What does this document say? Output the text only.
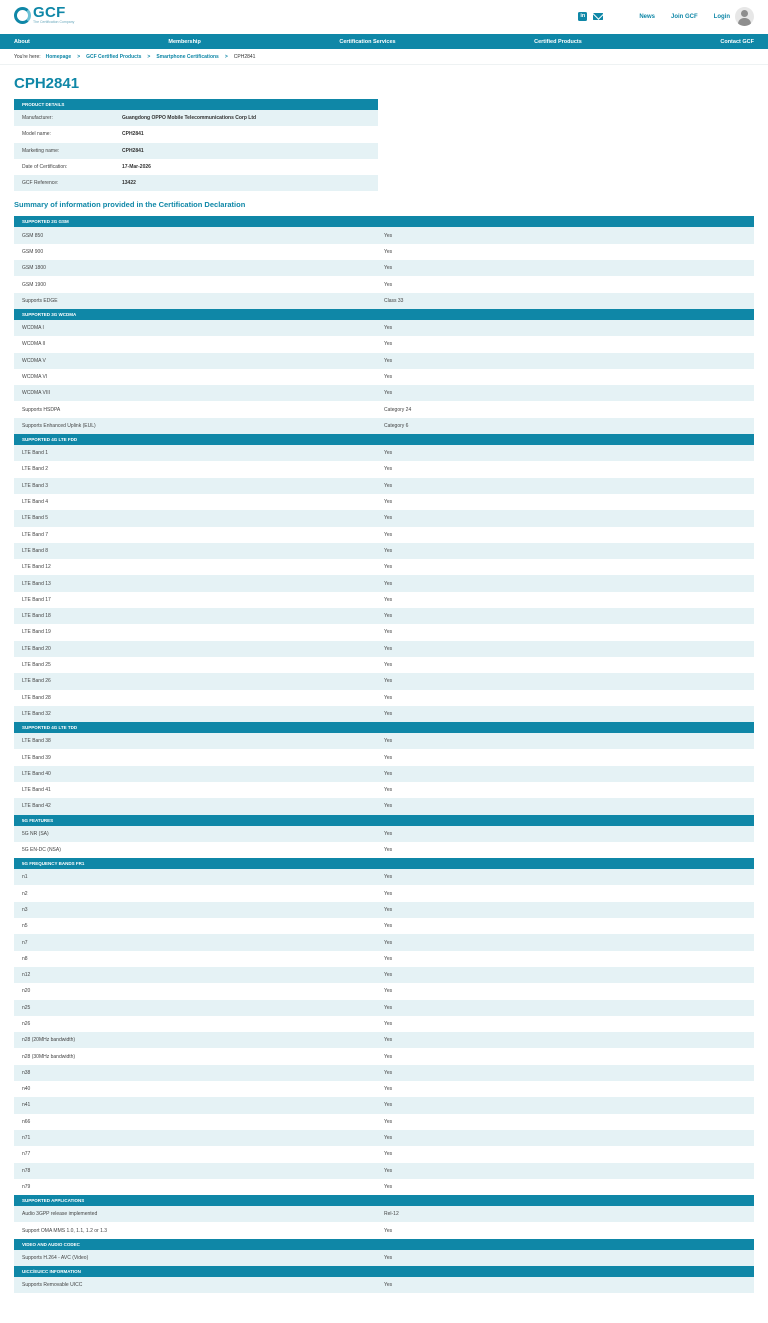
GCF
The Certification Company
in	News	Join GCF	Login
About	Membership	Certification Services	Certified Products	Contact GCF
You're here: Homepage > GCF Certified Products > Smartphone Certifications > CPH2841
CPH2841
PRODUCT DETAILS
Manufacturer:	Guangdong OPPO Mobile Telecommunications Corp Ltd
Model name:	CPH2841
Marketing name:	CPH2841
Date of Certification:	17-Mar-2026
GCF Reference:	13422
Summary of information provided in the Certification Declaration
SUPPORTED 2G GSM
GSM 850	Yes
GSM 900	Yes
GSM 1800	Yes
GSM 1900	Yes
Supports EDGE	Class 33
SUPPORTED 3G WCDMA
WCDMA I	Yes
WCDMA II	Yes
WCDMA V	Yes
WCDMA VI	Yes
WCDMA VIII	Yes
Supports HSDPA	Category 24
Supports Enhanced Uplink (EUL)	Category 6
SUPPORTED 4G LTE FDD
LTE Band 1	Yes
LTE Band 2	Yes
LTE Band 3	Yes
LTE Band 4	Yes
LTE Band 5	Yes
LTE Band 7	Yes
LTE Band 8	Yes
LTE Band 12	Yes
LTE Band 13	Yes
LTE Band 17	Yes
LTE Band 18	Yes
LTE Band 19	Yes
LTE Band 20	Yes
LTE Band 25	Yes
LTE Band 26	Yes
LTE Band 28	Yes
LTE Band 32	Yes
SUPPORTED 4G LTE TDD
LTE Band 38	Yes
LTE Band 39	Yes
LTE Band 40	Yes
LTE Band 41	Yes
LTE Band 42	Yes
5G FEATURES
5G NR (SA)	Yes
5G EN-DC (NSA)	Yes
5G FREQUENCY BANDS FR1
n1	Yes
n2	Yes
n3	Yes
n5	Yes
n7	Yes
n8	Yes
n12	Yes
n20	Yes
n25	Yes
n26	Yes
n28 (20MHz bandwidth)	Yes
n28 (30MHz bandwidth)	Yes
n38	Yes
n40	Yes
n41	Yes
n66	Yes
n71	Yes
n77	Yes
n78	Yes
n79	Yes
SUPPORTED APPLICATIONS
Audio 3GPP release implemented	Rel-12
Support OMA MMS 1.0, 1.1, 1.2 or 1.3	Yes
VIDEO AND AUDIO CODEC
Supports H.264 - AVC (Video)	Yes
UICC/EUICC INFORMATION
Supports Removable UICC	Yes
